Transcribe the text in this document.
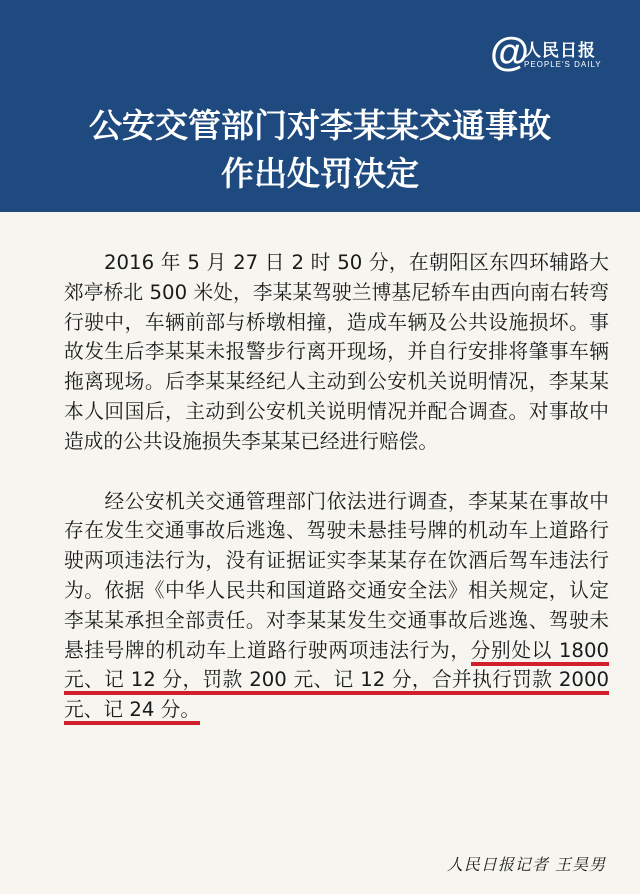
@
人民日报
PEOPLE'S DAILY
公安交管部门对李某某交通事故
作出处罚决定

2016 年 5 月 27 日 2 时 50 分，在朝阳区东四环辅路大郊亭桥北 500 米处，李某某驾驶兰博基尼轿车由西向南右转弯行驶中，车辆前部与桥墩相撞，造成车辆及公共设施损坏。事故发生后李某某未报警步行离开现场，并自行安排将肇事车辆拖离现场。后李某某经纪人主动到公安机关说明情况，李某某本人回国后，主动到公安机关说明情况并配合调查。对事故中造成的公共设施损失李某某已经进行赔偿。

经公安机关交通管理部门依法进行调查，李某某在事故中存在发生交通事故后逃逸、驾驶未悬挂号牌的机动车上道路行驶两项违法行为，没有证据证实李某某存在饮酒后驾车违法行为。依据《中华人民共和国道路交通安全法》相关规定，认定李某某承担全部责任。对李某某发生交通事故后逃逸、驾驶未悬挂号牌的机动车上道路行驶两项违法行为，分别处以 1800 元、记 12 分，罚款 200 元、记 12 分，合并执行罚款 2000 元、记 24 分。

人民日报记者 王昊男
